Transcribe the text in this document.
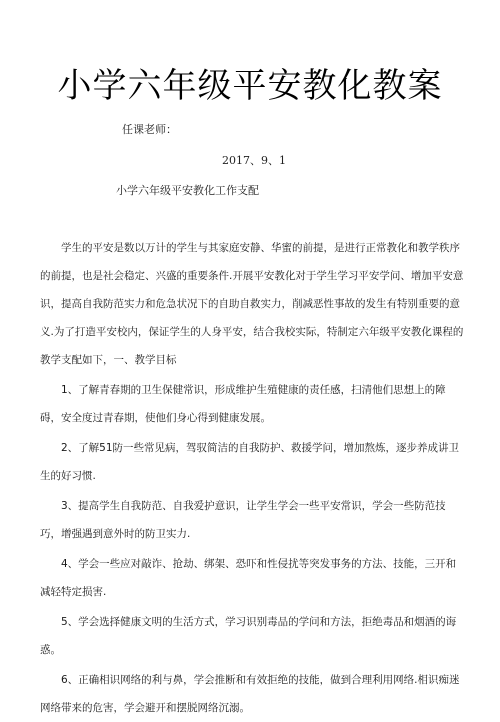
小学六年级平安教化教案
任课老师：
2017、9、1
小学六年级平安教化工作支配

学生的平安是数以万计的学生与其家庭安静、华蜜的前提，是进行正常教化和教学秩序的前提，也是社会稳定、兴盛的重要条件.开展平安教化对于学生学习平安学问、增加平安意识，提高自我防范实力和危急状况下的自助自救实力，削减恶性事故的发生有特别重要的意义.为了打造平安校内，保证学生的人身平安，结合我校实际，特制定六年级平安教化课程的教学支配如下，一、教学目标

1、了解青春期的卫生保健常识，形成维护生殖健康的责任感，扫清他们思想上的障碍，安全度过青春期，使他们身心得到健康发展。

2、了解51防一些常见病，驾驭简洁的自我防护、救援学问，增加熬炼，逐步养成讲卫生的好习惯.

3、提高学生自我防范、自我爱护意识，让学生学会一些平安常识，学会一些防范技巧，增强遇到意外时的防卫实力.

4、学会一些应对敲诈、抢劫、绑架、恐吓和性侵扰等突发事务的方法、技能，三开和减轻特定损害.

5、学会选择健康文明的生活方式，学习识别毒品的学问和方法，拒绝毒品和烟酒的诲惑。

6、正确相识网络的利与鼻，学会推断和有效拒绝的技能，做到合理利用网络.相识痴迷网络带来的危害，学会避开和摆脱网络沉溺。
